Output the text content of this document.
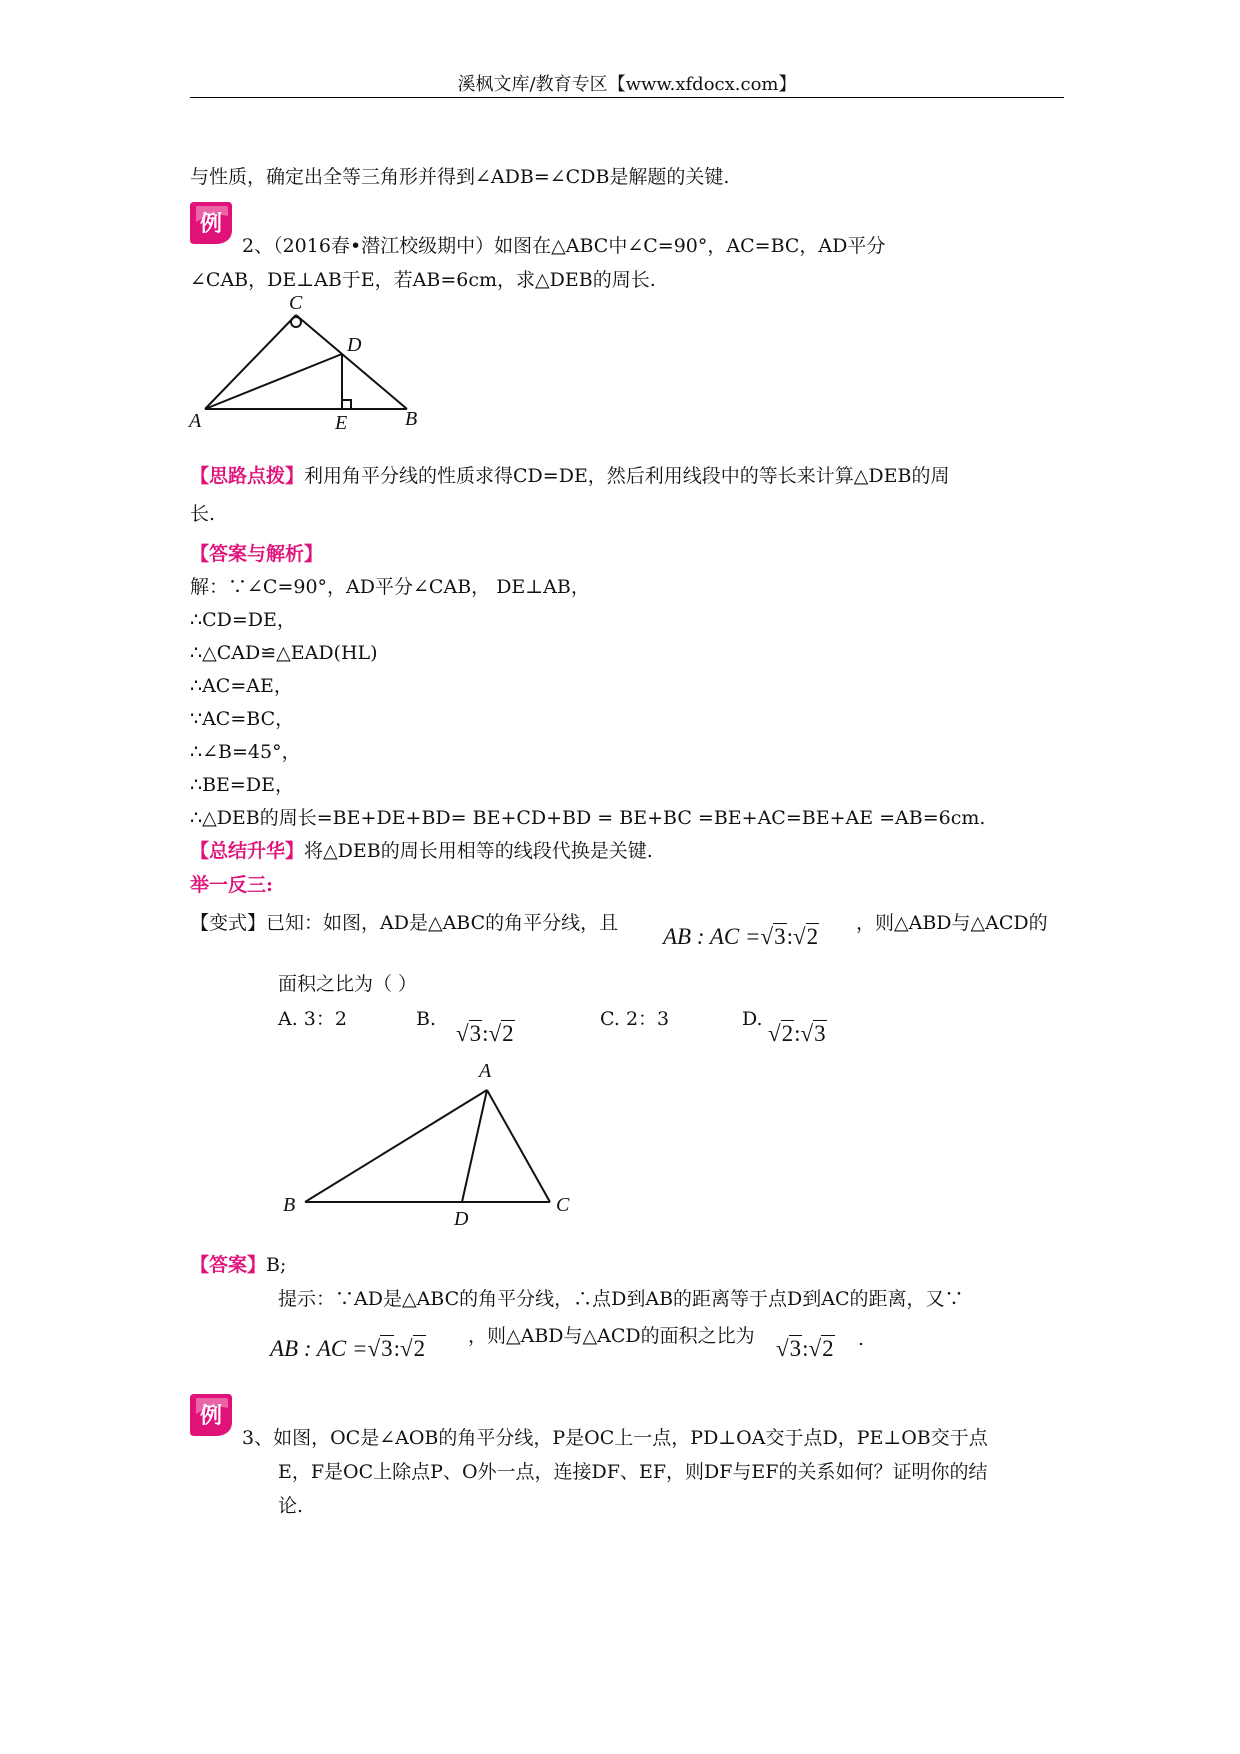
溪枫文库/教育专区【www.xfdocx.com】
与性质，确定出全等三角形并得到∠ADB=∠CDB是解题的关键.
例
2、（2016春•潜江校级期中）如图在△ABC中∠C=90°，AC=BC，AD平分
∠CAB，DE⊥AB于E，若AB=6cm，求△DEB的周长.
C
D
A	E	B
【思路点拨】利用角平分线的性质求得CD=DE，然后利用线段中的等长来计算△DEB的周
长.
【答案与解析】
解：∵∠C=90°，AD平分∠CAB， DE⊥AB，
∴CD=DE，
∴△CAD≌△EAD(HL)
∴AC=AE，
∵AC=BC，
∴∠B=45°，
∴BE=DE，
∴△DEB的周长=BE+DE+BD= BE+CD+BD = BE+BC =BE+AC=BE+AE =AB=6cm.
【总结升华】将△DEB的周长用相等的线段代换是关键.
举一反三:
【变式】已知：如图，AD是△ABC的角平分线，且
AB : AC =√3:√2
，则△ABD与△ACD的
面积之比为（ ）
A. 3：2	B.
√3:√2
C. 2：3	D.
√2:√3
A
B
D
C
【答案】B;
提示：∵AD是△ABC的角平分线，∴点D到AB的距离等于点D到AC的距离，又∵
AB : AC =√3:√2 ，则△ABD与△ACD的面积之比为 √3:√2 .
例
3、如图，OC是∠AOB的角平分线，P是OC上一点，PD⊥OA交于点D，PE⊥OB交于点
E，F是OC上除点P、O外一点，连接DF、EF，则DF与EF的关系如何？证明你的结
论.
